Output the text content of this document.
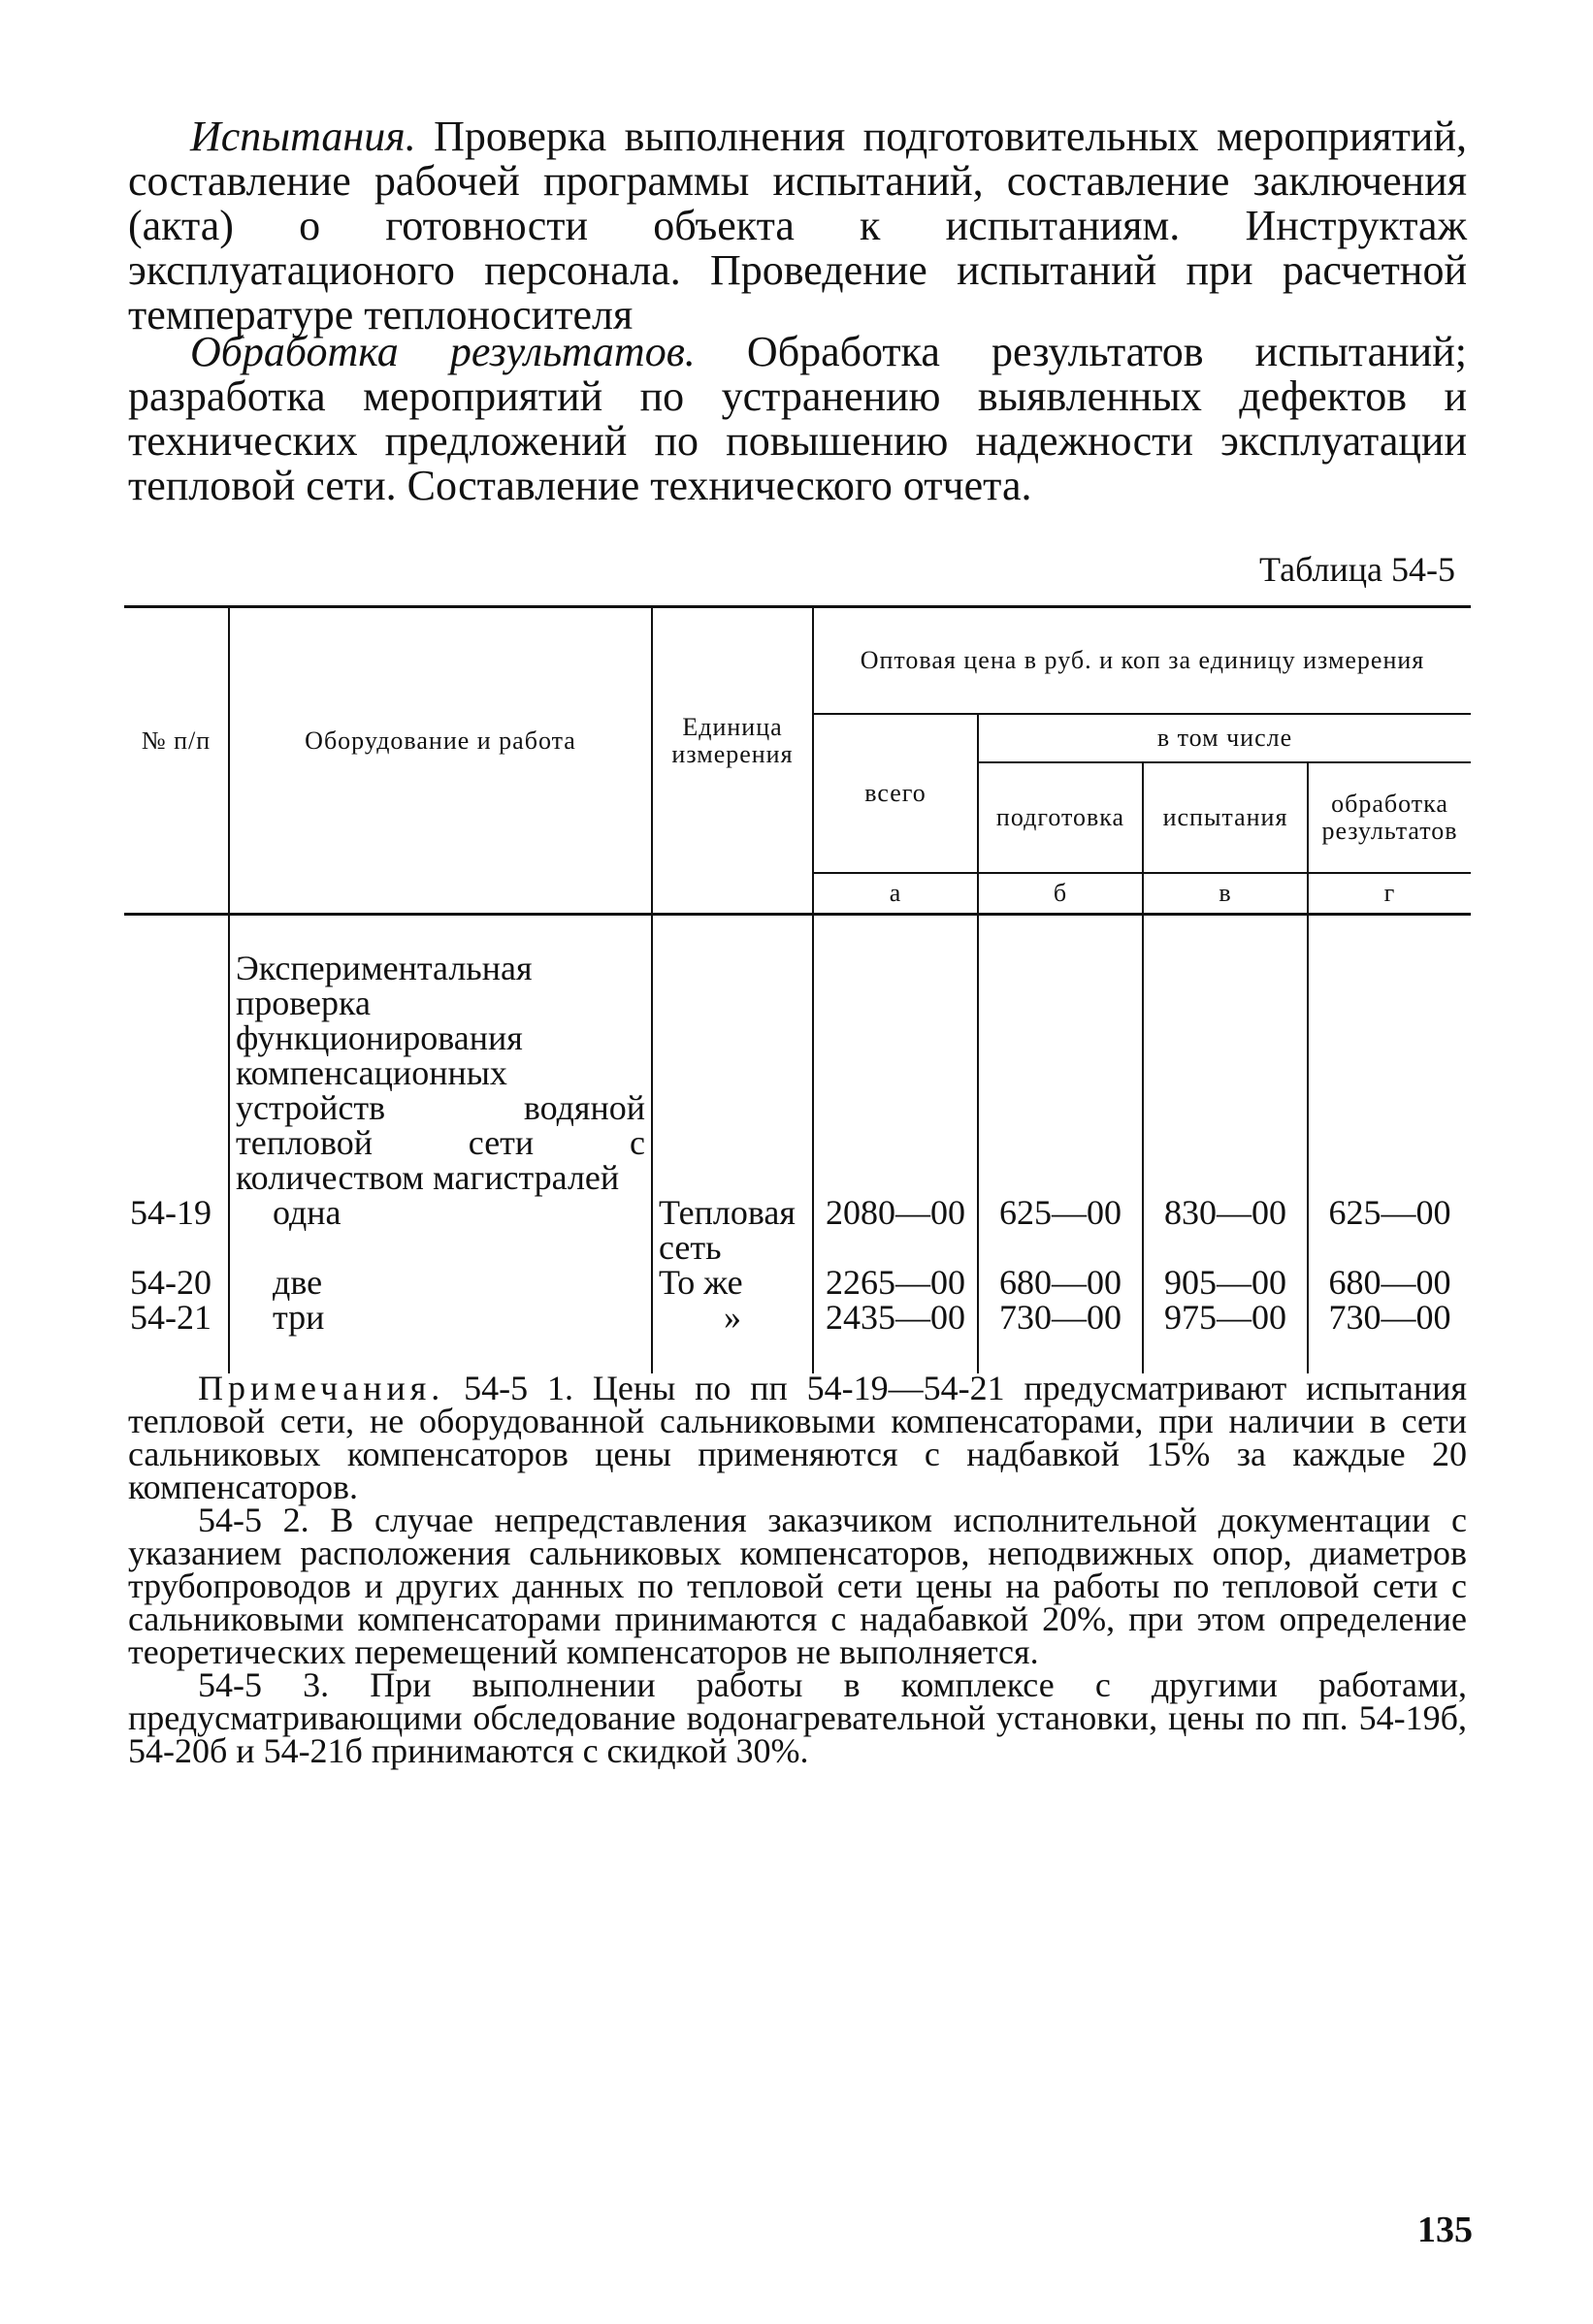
Испытания. Проверка выполнения подготовительных мероприятий, составление рабочей программы испытаний, составление заключения (акта) о готовности объекта к испытаниям. Инструктаж эксплуатационого персонала. Проведение испытаний при расчетной температуре теплоносителя
Обработка результатов. Обработка результатов испытаний; разработка мероприятий по устранению выявленных дефектов и технических предложений по повышению надежности эксплуатации тепловой сети. Составление технического отчета.
Таблица 54-5
№ п/п	Оборудование и работа	Единица измерения	Оптовая цена в руб. и коп за единицу измерения			
			всего	в том числе		
				подготовка	испытания	обработка результатов
			а	б	в	г
	Экспериментальная проверка функционирования компенсационных устройств водяной тепловой сети с количеством магистралей					
54-19	одна	Тепловая сеть	2080—00	625—00	830—00	625—00
54-20	две	То же	2265—00	680—00	905—00	680—00
54-21	три	»	2435—00	730—00	975—00	730—00
Примечания. 54-5 1. Цены по пп 54-19—54-21 предусматривают испытания тепловой сети, не оборудованной сальниковыми компенсаторами, при наличии в сети сальниковых компенсаторов цены применяются с надбавкой 15% за каждые 20 компенсаторов.
54-5 2. В случае непредставления заказчиком исполнительной документации с указанием расположения сальниковых компенсаторов, неподвижных опор, диаметров трубопроводов и других данных по тепловой сети цены на работы по тепловой сети с сальниковыми компенсаторами принимаются с надабавкой 20%, при этом определение теоретических перемещений компенсаторов не выполняется.
54-5 3. При выполнении работы в комплексе с другими работами, предусматривающими обследование водонагревательной установки, цены по пп. 54-19б, 54-20б и 54-21б принимаются с скидкой 30%.
135
